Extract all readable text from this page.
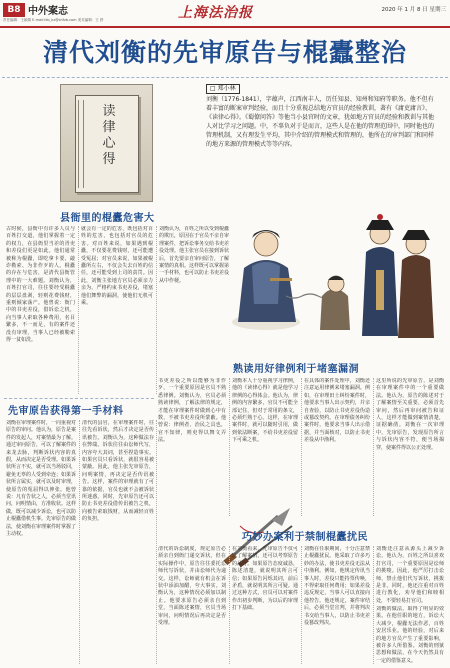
B8 中外案志
责任编辑：王颖婧 E-mail:fzb_kz@shfzb.com 美术编辑：王 舒	上海法治报	2020 年 1 月 8 日 星期三
清代刘衡的先审原告与棍蠹整治
读律心得
□ 郑小林
刘衡（1776-1841），字蕴声，江西南丰人，历任知县、知州和知府等职务。他不但有着丰富的断案审判经验，而且十分重视总结地方官员的经验教训，著有《庸吏庸言》、《读律心得》。《蜀僚问答》等他当小县官时的文章，犹如地方官员的经验和教训与其他人对比学习之问题。中，不辜负对于是而言，这些人是在他的管理范围中，同时他也的管理机制，又有理发生平均，其中介绍的管理模式和管理的，他所在的审判部门和同样的地方来源的管理模式等等内容。
县衙里的棍蠹危害大
古时候，县衙中有许多人员与百姓打交道，他们掌握着一定的权力，在县衙里当差的胥吏和差役们更是如此。他们通常被称为棍蠹，即吃拿卡要、敲诈勒索、为非作歹的人。棍蠹的存在与危害，是清代县衙管理中的一大难题。刘衡认为，百姓打官司，往往要经受棍蠹的层层盘剥，轻则花费钱财，重则倾家荡产。他曾说：衙门中的书吏差役，借诉讼之机，向当事人索取各种费用，名目繁多，不一而足，有的案件还没有审理，当事人已经被勒索得一贫如洗。
就会有一定的危害，既包括对百姓的危害，也包括对官员的危害。对百姓来说，如果遇到棍蠹，不仅要花费钱财，还可能遭受冤屈；对官员来说，如果被棍蠹所左右，不仅会失去百姓的信任，还可能受到上司的责罚。因此，刘衡主张地方官员必须亲力亲为，严格约束书吏差役，堵塞他们舞弊的漏洞，使他们无机可乘。
刘衡认为，百姓之所以受到棍蠹的欺压，原因在于官员不亲自审理案件，把诉讼事务交给书吏差役处理。他主张官员在接到诉状后，首先要亲自审问原告，了解案情的真相。这样既可以掌握第一手材料，也可以防止书吏差役从中作梗。
熟读用好律例利于堵塞漏洞
书吏差役之所以能够为非作歹，一个重要原因是官员不熟悉律例。刘衡认为，官员必须熟读律例，了解法律的规定，才能在审理案件时做到心中有数，不被书吏差役所蒙蔽。他曾说：律例者，治民之具也，官不知律，则吏得以舞文弄法。
刘衡本人十分重视学习律例，他的《读律心得》就是他学习律例的心得体会。他认为，律例的内容繁多，官员不可能全部记住，但对于常用的条文，必须烂熟于心。这样，在审理案件时，就可以随时引用，做到依法断案，不给书吏差役留下可乘之机。
在具体的案件处理中，刘衡还注意运用律例来堵塞漏洞。例如，在审理田土纠纷案件时，他要求当事人出示契约，并亲自查验，以防止书吏差役伪造或篡改契约。在审理债务纠纷案件时，他要求当事人出示借据，并当面核对，以防止书吏差役从中渔利。
这里所说的先审原告，是刘衡在审理案件中的一个重要做法。他认为，原告的陈述对于了解案情至关重要，必须首先审问，然后再审问被告和证人，这样才能做到案情清楚，证据确凿。刘衡在一次审理中，先审原告，发现原告所言与诉状内容不符，便当场揭穿，使案件得以公正处理。
先审原告获得第一手材料
刘衡在审理案件时，一向重视对原告的审问。他认为，原告是案件的发起人，对案情最为了解。通过审问原告，可以了解案件的来龙去脉，判断诉状内容的真假，从而决定是否受理。如果诉状所言不实，就可以当场驳回，避免无辜的人受到牵连；如果诉状所言属实，就可以及时审理，使原告的冤屈得以伸张。他曾说：凡有告状之人，必须当堂讯问，问明情由，方准收状。这样做，既可以减少诉讼，也可以防止棍蠹借机生事。先审原告的做法，使刘衡在审理案件时掌握了主动权。
清代的县官，在审理案件时，往往先看诉状，然后才决定是否传讯被告。刘衡认为，这种做法存在弊端。诉状往往由讼师代写，内容夸大其词，甚至捏造事实。如果官员只看诉状，就很容易被蒙蔽。因此，他主张先审原告，问明案情，再决定是否传讯被告。这样，案件的审理就有了可靠的依据，官员也就不会被诉状所迷惑。同时，先审原告还可以防止书吏差役借传讯被告之机，向被告索取钱财，从而减轻百姓的负担。
巧妙办案利于禁制棍蠹扰民
清代的诉讼制度，规定原告必须亲自到衙门递交诉状。但在实际操作中，原告往往委托讼师代写诉状，并由讼师代为递交。这样，讼师就有机会在诉状中添油加醋，夸大事实。刘衡认为，这种情况必须加以制止。他要求原告必须亲自到堂，当面陈述案情，官员当场审问，问明情况后再决定是否受理。
在刘衡看来，先审原告不仅可以了解案情，还可以考察原告的品行。如果原告态度诚恳，陈述清楚，就说明其所言可信；如果原告闪烁其词，前后矛盾，就说明其所言可疑。通过这种方式，官员可以对案件作出初步判断，为以后的审理打下基础。
刘衡在任职期间，十分注意禁止棍蠹扰民。他采取了许多巧妙的办法，使书吏差役无法从中渔利。例如，他规定传讯当事人时，差役只能持票传唤，不得索取任何费用；如果差役违反规定，当事人可以直接向他控告。他还规定，案件审结后，必须当堂宣判，并将判决书交给当事人，以防止书吏差役篡改判决。
刘衡还注意从源头上减少诉讼。他认为，百姓之所以喜欢打官司，一个重要原因是讼师的挑唆。因此，他严厉打击讼师，禁止他们代写诉状，挑拨是非。同时，他还注重对百姓进行教化，劝导他们和睦相处，不要轻易打官司。
刘衡的做法，取得了明显的效果。在他任职的地方，诉讼大大减少，棍蠹无法作恶，百姓安居乐业。他的经验，对后来的地方官员产生了重要影响，被许多人所借鉴。刘衡的刑狱思想和做法，在今天仍然具有一定的借鉴意义。
